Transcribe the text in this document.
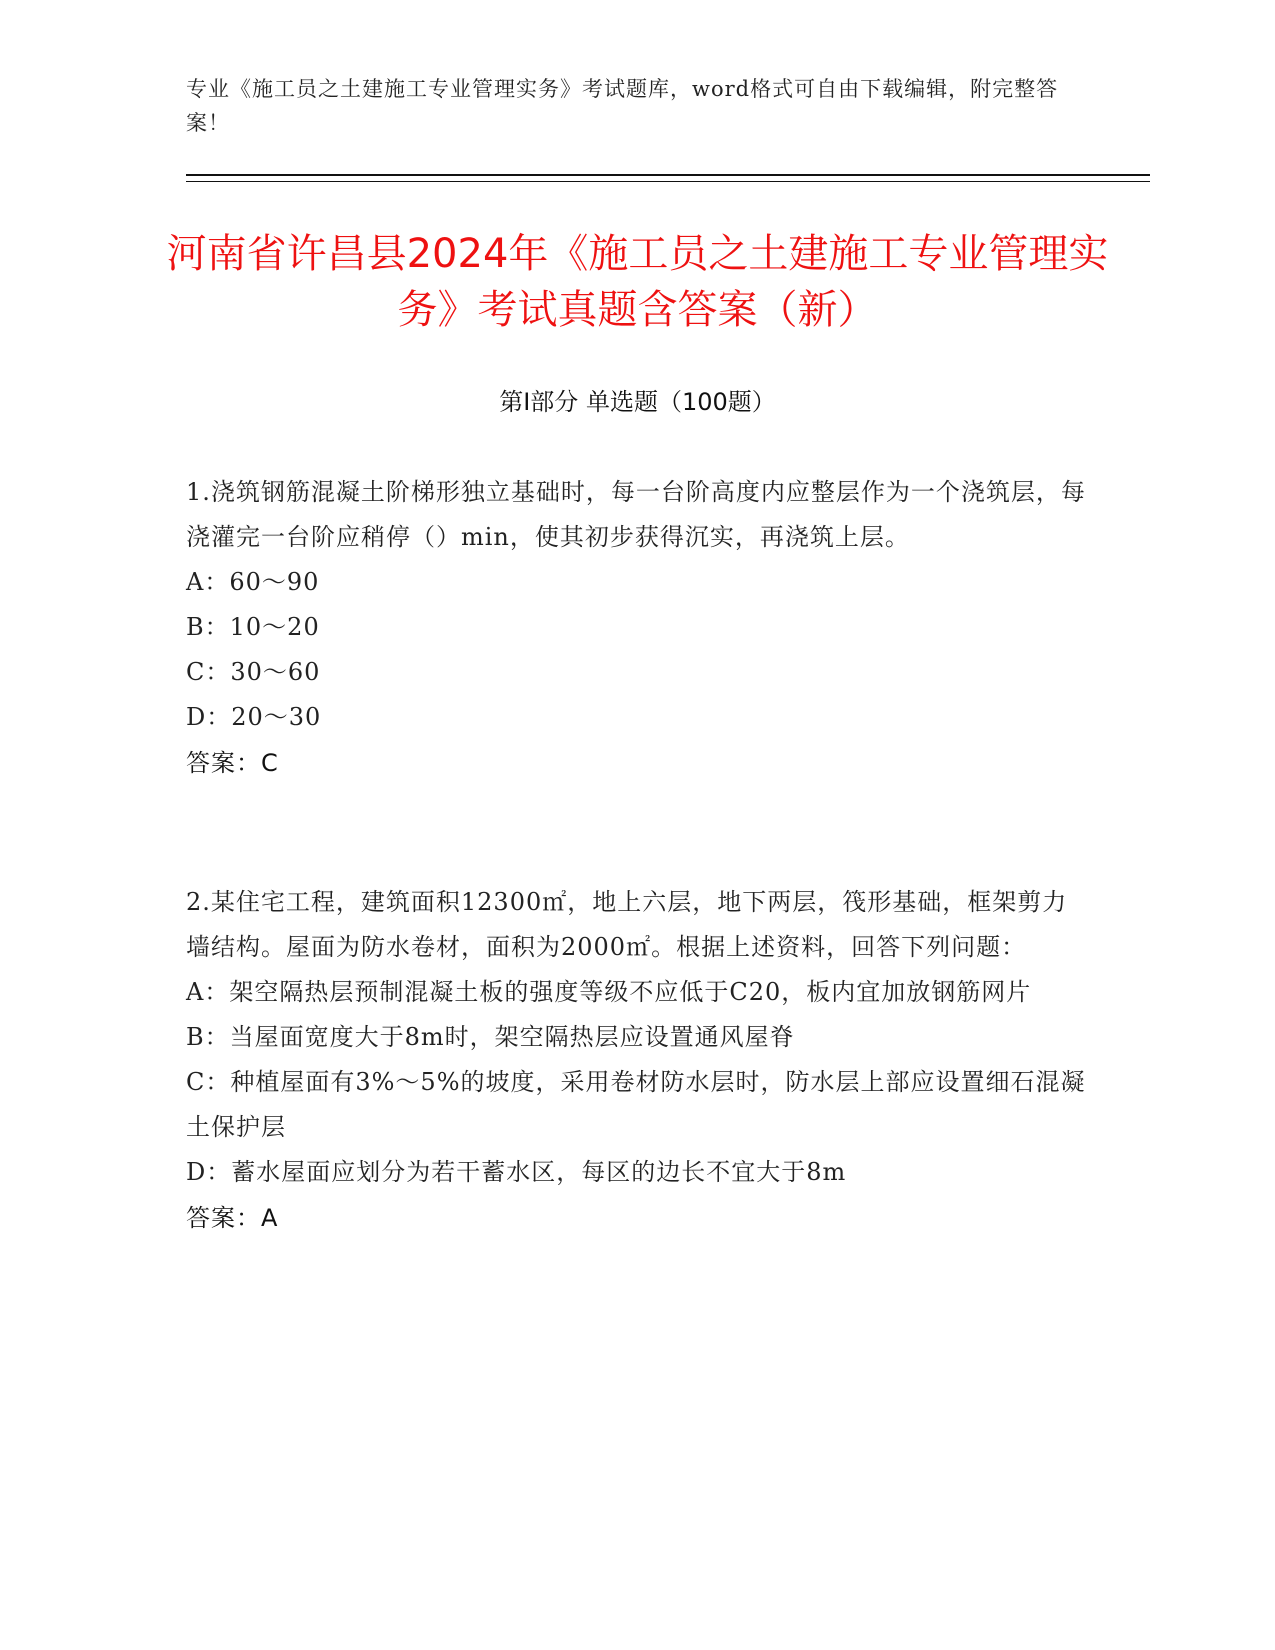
专业《施工员之土建施工专业管理实务》考试题库，word格式可自由下载编辑，附完整答案！
河南省许昌县2024年《施工员之土建施工专业管理实务》考试真题含答案（新）
第Ⅰ部分 单选题（100题）

1.浇筑钢筋混凝土阶梯形独立基础时，每一台阶高度内应整层作为一个浇筑层，每浇灌完一台阶应稍停（）min，使其初步获得沉实，再浇筑上层。

A：60～90

B：10～20

C：30～60

D：20～30

答案：C

2.某住宅工程，建筑面积12300㎡，地上六层，地下两层，筏形基础，框架剪力墙结构。屋面为防水卷材，面积为2000㎡。根据上述资料，回答下列问题：

A：架空隔热层预制混凝土板的强度等级不应低于C20，板内宜加放钢筋网片

B：当屋面宽度大于8m时，架空隔热层应设置通风屋脊

C：种植屋面有3%～5%的坡度，采用卷材防水层时，防水层上部应设置细石混凝土保护层

D：蓄水屋面应划分为若干蓄水区，每区的边长不宜大于8m

答案：A
